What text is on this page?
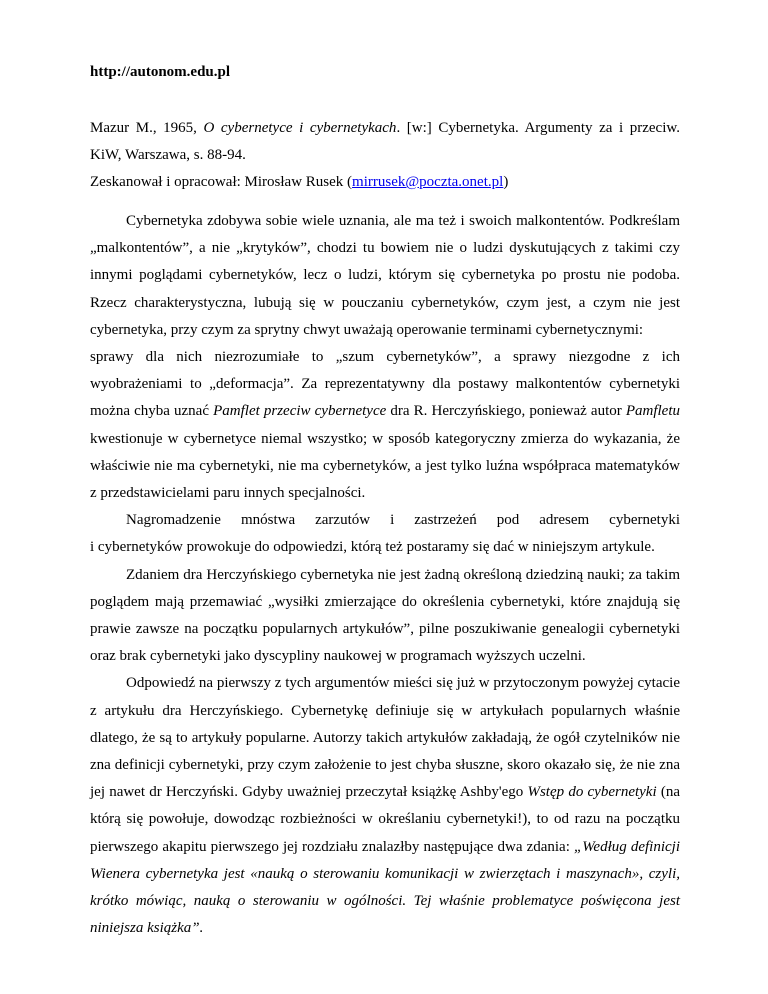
http://autonom.edu.pl

Mazur M., 1965, O cybernetyce i cybernetykach. [w:] Cybernetyka. Argumenty za i przeciw. KiW, Warszawa, s. 88-94.

Zeskanował i opracował: Mirosław Rusek (mirrusek@poczta.onet.pl)

Cybernetyka zdobywa sobie wiele uznania, ale ma też i swoich malkontentów. Podkreślam „malkontentów”, a nie „krytyków”, chodzi tu bowiem nie o ludzi dyskutujących z takimi czy innymi poglądami cybernetyków, lecz o ludzi, którym się cybernetyka po prostu nie podoba. Rzecz charakterystyczna, lubują się w pouczaniu cybernetyków, czym jest, a czym nie jest cybernetyka, przy czym za sprytny chwyt uważają operowanie terminami cybernetycznymi:

sprawy dla nich niezrozumiałe to „szum cybernetyków”, a sprawy niezgodne z ich wyobrażeniami to „deformacja”. Za reprezentatywny dla postawy malkontentów cybernetyki można chyba uznać Pamflet przeciw cybernetyce dra R. Herczyńskiego, ponieważ autor Pamfletu kwestionuje w cybernetyce niemal wszystko; w sposób kategoryczny zmierza do wykazania, że właściwie nie ma cybernetyki, nie ma cybernetyków, a jest tylko luźna współpraca matematyków z przedstawicielami paru innych specjalności.

Nagromadzenie mnóstwa zarzutów i zastrzeżeń pod adresem cybernetyki

i cybernetyków prowokuje do odpowiedzi, którą też postaramy się dać w niniejszym artykule.

Zdaniem dra Herczyńskiego cybernetyka nie jest żadną określoną dziedziną nauki; za takim poglądem mają przemawiać „wysiłki zmierzające do określenia cybernetyki, które znajdują się prawie zawsze na początku popularnych artykułów”, pilne poszukiwanie genealogii cybernetyki oraz brak cybernetyki jako dyscypliny naukowej w programach wyższych uczelni.

Odpowiedź na pierwszy z tych argumentów mieści się już w przytoczonym powyżej cytacie z artykułu dra Herczyńskiego. Cybernetykę definiuje się w artykułach popularnych właśnie dlatego, że są to artykuły popularne. Autorzy takich artykułów zakładają, że ogół czytelników nie zna definicji cybernetyki, przy czym założenie to jest chyba słuszne, skoro okazało się, że nie zna jej nawet dr Herczyński. Gdyby uważniej przeczytał książkę Ashby'ego Wstęp do cybernetyki (na którą się powołuje, dowodząc rozbieżności w określaniu cybernetyki!), to od razu na początku pierwszego akapitu pierwszego jej rozdziału znalazłby następujące dwa zdania: „Według definicji Wienera cybernetyka jest «nauką o sterowaniu komunikacji w zwierzętach i maszynach», czyli, krótko mówiąc, nauką o sterowaniu w ogólności. Tej właśnie problematyce poświęcona jest niniejsza książka”.
